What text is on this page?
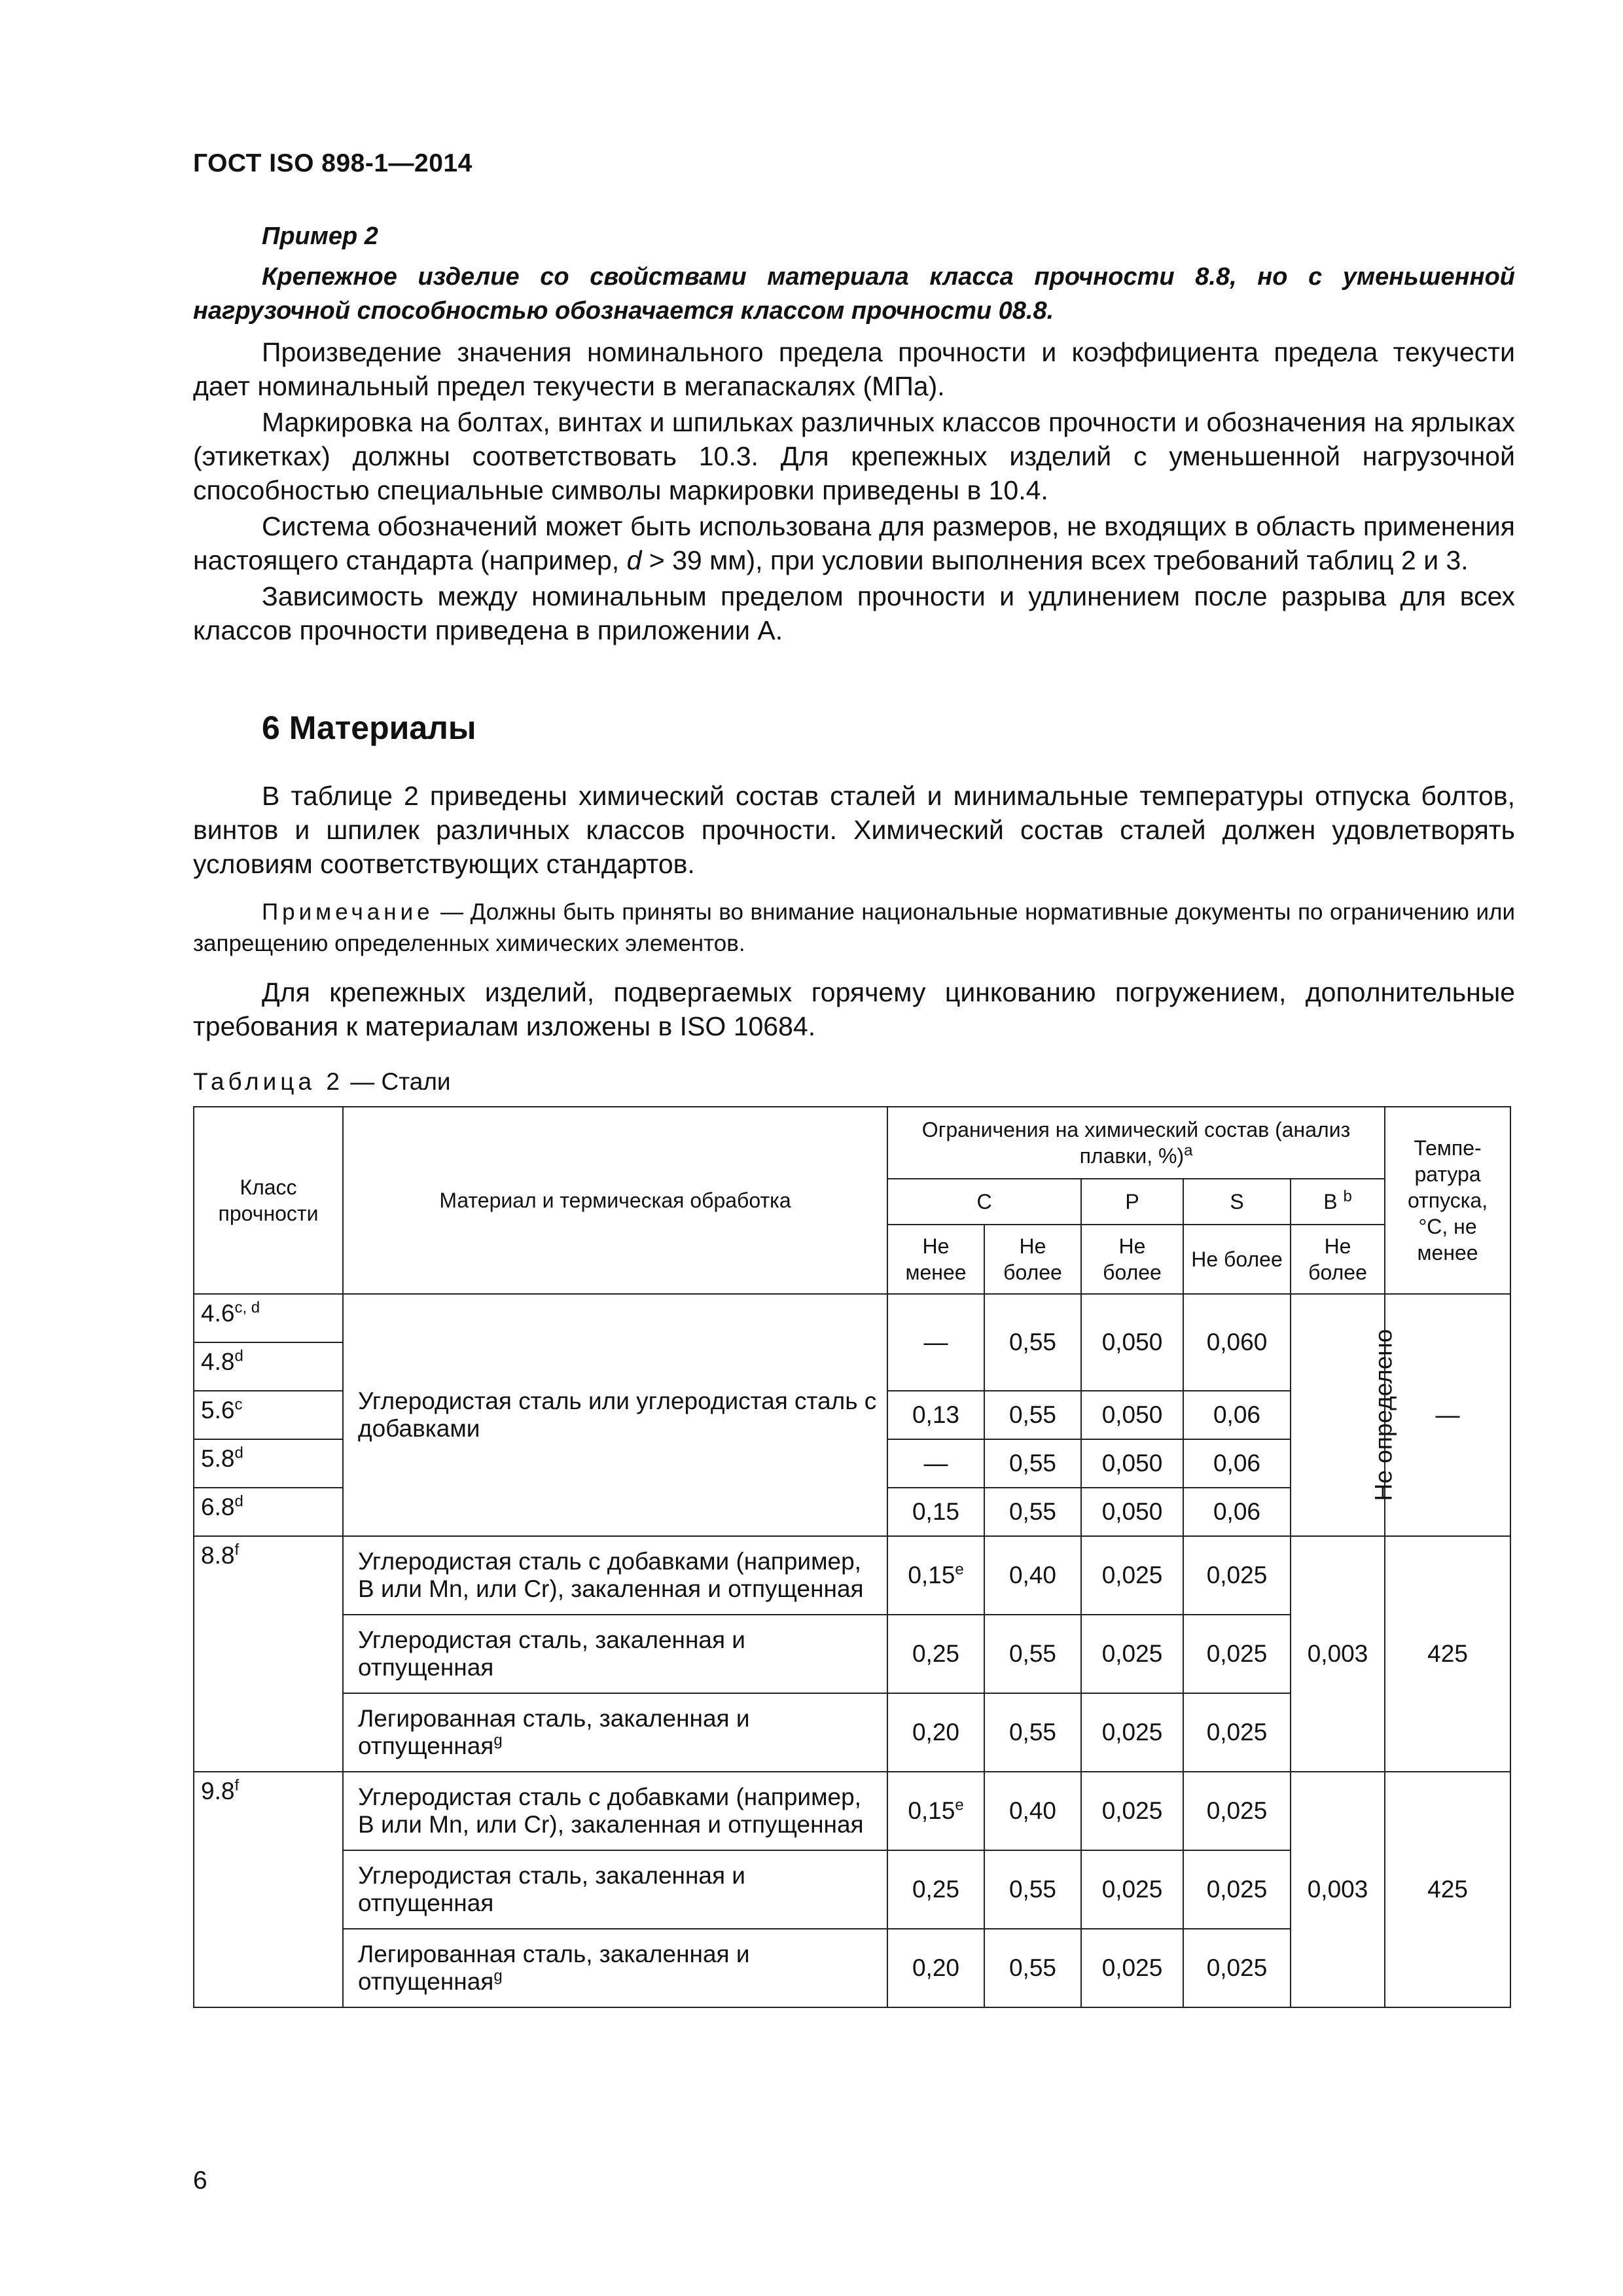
ГОСТ ISO 898-1—2014
Пример 2
Крепежное изделие со свойствами материала класса прочности 8.8, но с уменьшенной нагрузочной способностью обозначается классом прочности 08.8.

Произведение значения номинального предела прочности и коэффициента предела текучести дает номинальный предел текучести в мегапаскалях (МПа).

Маркировка на болтах, винтах и шпильках различных классов прочности и обозначения на ярлыках (этикетках) должны соответствовать 10.3. Для крепежных изделий с уменьшенной нагрузочной способностью специальные символы маркировки приведены в 10.4.

Система обозначений может быть использована для размеров, не входящих в область применения настоящего стандарта (например, d > 39 мм), при условии выполнения всех требований таблиц 2 и 3.

Зависимость между номинальным пределом прочности и удлинением после разрыва для всех классов прочности приведена в приложении А.

6 Материалы

В таблице 2 приведены химический состав сталей и минимальные температуры отпуска болтов, винтов и шпилек различных классов прочности. Химический состав сталей должен удовлетворять условиям соответствующих стандартов.

Примечание — Должны быть приняты во внимание национальные нормативные документы по ограничению или запрещению определенных химических элементов.

Для крепежных изделий, подвергаемых горячему цинкованию погружением, дополнительные требования к материалам изложены в ISO 10684.

Таблица 2 — Стали
Класс прочности	Материал и термическая обработка	Ограничения на химический состав (анализ плавки, %)$^a$					Темпе-ратура отпуска, °С, не менее
		C		P	S	B $^b$
		Не менее	Не более	Не более	Не более	Не более	
4.6$^{c, d}$	Углеродистая сталь или углеродистая сталь с добавками	—	0,55	0,050	0,060	Не определено	—
4.8$^d$
5.6$^c$		0,13	0,55	0,050	0,06		
5.8$^d$		—	0,55	0,050	0,06		
6.8$^d$		0,15	0,55	0,050	0,06		
8.8$^f$	Углеродистая сталь с добавками (например, B или Mn, или Cr), закаленная и отпущенная	0,15e	0,40	0,025	0,025	0,003	425
	Углеродистая сталь, закаленная и отпущенная	0,25	0,55	0,025	0,025		
	Легированная сталь, закаленная и отпущенная$^g$	0,20	0,55	0,025	0,025		
9.8$^f$	Углеродистая сталь с добавками (например, B или Mn, или Cr), закаленная и отпущенная	0,15e	0,40	0,025	0,025	0,003	425
	Углеродистая сталь, закаленная и отпущенная	0,25	0,55	0,025	0,025		
	Легированная сталь, закаленная и отпущенная$^g$	0,20	0,55	0,025	0,025		
6
